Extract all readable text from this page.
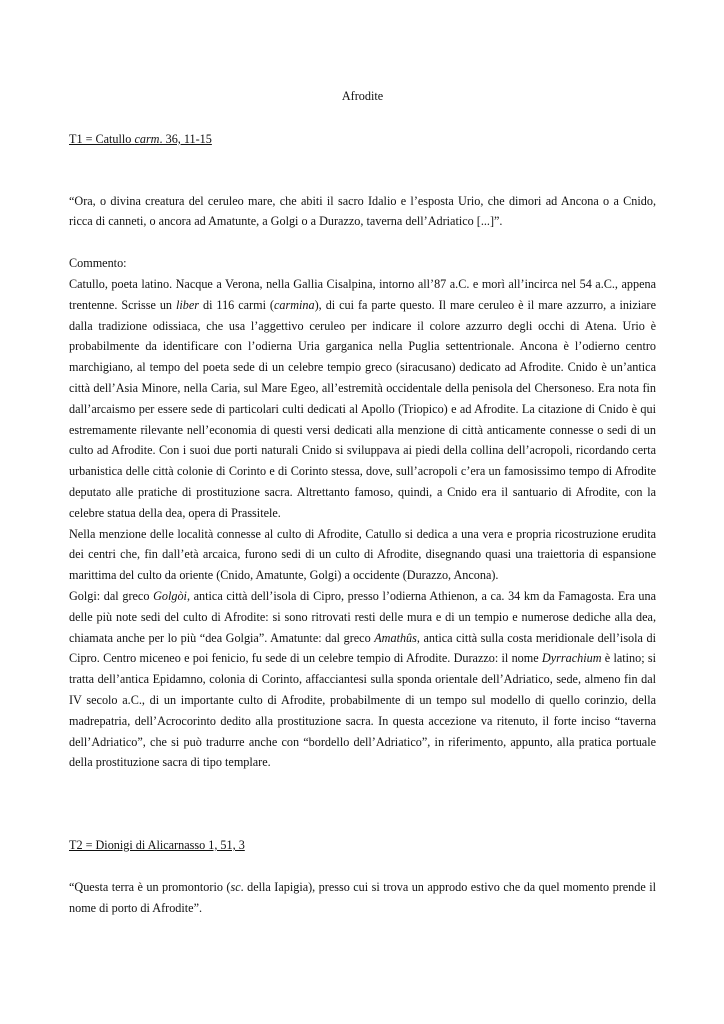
Afrodite

T1 = Catullo carm. 36, 11-15

“Ora, o divina creatura del ceruleo mare, che abiti il sacro Idalio e l’esposta Urio, che dimori ad Ancona o a Cnido, ricca di canneti, o ancora ad Amatunte, a Golgi o a Durazzo, taverna dell’Adriatico [...]”.

Commento:

Catullo, poeta latino. Nacque a Verona, nella Gallia Cisalpina, intorno all’87 a.C. e morì all’incirca nel 54 a.C., appena trentenne. Scrisse un liber di 116 carmi (carmina), di cui fa parte questo. Il mare ceruleo è il mare azzurro, a iniziare dalla tradizione odissiaca, che usa l’aggettivo ceruleo per indicare il colore azzurro degli occhi di Atena. Urio è probabilmente da identificare con l’odierna Uria garganica nella Puglia settentrionale. Ancona è l’odierno centro marchigiano, al tempo del poeta sede di un celebre tempio greco (siracusano) dedicato ad Afrodite. Cnido è un’antica città dell’Asia Minore, nella Caria, sul Mare Egeo, all’estremità occidentale della penisola del Chersoneso. Era nota fin dall’arcaismo per essere sede di particolari culti dedicati al Apollo (Triopico) e ad Afrodite. La citazione di Cnido è qui estremamente rilevante nell’economia di questi versi dedicati alla menzione di città anticamente connesse o sedi di un culto ad Afrodite. Con i suoi due porti naturali Cnido si sviluppava ai piedi della collina dell’acropoli, ricordando certa urbanistica delle città colonie di Corinto e di Corinto stessa, dove, sull’acropoli c’era un famosissimo tempo di Afrodite deputato alle pratiche di prostituzione sacra. Altrettanto famoso, quindi, a Cnido era il santuario di Afrodite, con la celebre statua della dea, opera di Prassitele.

Nella menzione delle località connesse al culto di Afrodite, Catullo si dedica a una vera e propria ricostruzione erudita dei centri che, fin dall’età arcaica, furono sedi di un culto di Afrodite, disegnando quasi una traiettoria di espansione marittima del culto da oriente (Cnido, Amatunte, Golgi) a occidente (Durazzo, Ancona).

Golgi: dal greco Golgòi, antica città dell’isola di Cipro, presso l’odierna Athienon, a ca. 34 km da Famagosta. Era una delle più note sedi del culto di Afrodite: si sono ritrovati resti delle mura e di un tempio e numerose dediche alla dea, chiamata anche per lo più “dea Golgia”. Amatunte: dal greco Amathûs, antica città sulla costa meridionale dell’isola di Cipro. Centro miceneo e poi fenicio, fu sede di un celebre tempio di Afrodite. Durazzo: il nome Dyrrachium è latino; si tratta dell’antica Epidamno, colonia di Corinto, affacciantesi sulla sponda orientale dell’Adriatico, sede, almeno fin dal IV secolo a.C., di un importante culto di Afrodite, probabilmente di un tempo sul modello di quello corinzio, della madrepatria, dell’Acrocorinto dedito alla prostituzione sacra. In questa accezione va ritenuto, il forte inciso “taverna dell’Adriatico”, che si può tradurre anche con “bordello dell’Adriatico”, in riferimento, appunto, alla pratica portuale della prostituzione sacra di tipo templare.

T2 = Dionigi di Alicarnasso 1, 51, 3

“Questa terra è un promontorio (sc. della Iapigia), presso cui si trova un approdo estivo che da quel momento prende il nome di porto di Afrodite”.
